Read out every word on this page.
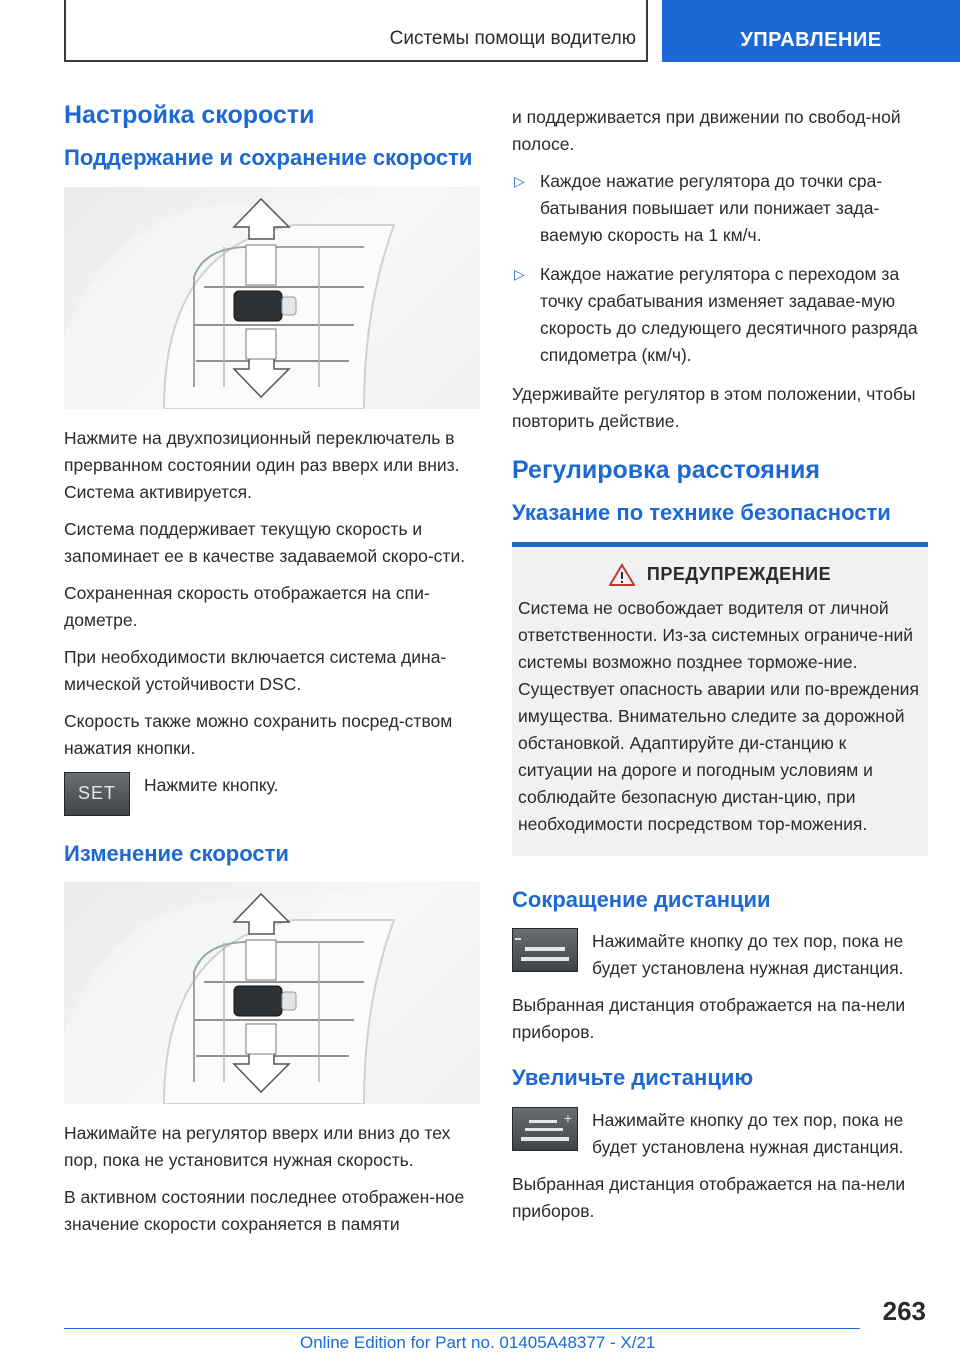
Системы помощи водителю	УПРАВЛЕНИЕ
Настройка скорости
Поддержание и сохранение скорости

Нажмите на двухпозиционный переключатель в прерванном состоянии один раз вверх или вниз. Система активируется.

Система поддерживает текущую скорость и запоминает ее в качестве задаваемой скоро-сти.

Сохраненная скорость отображается на спи-дометре.

При необходимости включается система дина-мической устойчивости DSC.

Скорость также можно сохранить посред-ством нажатия кнопки.

SET	Нажмите кнопку.
Изменение скорости

Нажимайте на регулятор вверх или вниз до тех пор, пока не установится нужная скорость.

В активном состоянии последнее отображен-ное значение скорости сохраняется в памяти

и поддерживается при движении по свобод-ной полосе.

▷ Каждое нажатие регулятора до точки сра-батывания повышает или понижает зада-ваемую скорость на 1 км/ч.
▷ Каждое нажатие регулятора с переходом за точку срабатывания изменяет задавае-мую скорость до следующего десятичного разряда спидометра (км/ч).

Удерживайте регулятор в этом положении, чтобы повторить действие.

Регулировка расстояния
Указание по технике безопасности
ПРЕДУПРЕЖДЕНИЕ

Система не освобождает водителя от личной ответственности. Из-за системных ограниче-ний системы возможно позднее торможе-ние. Существует опасность аварии или по-вреждения имущества. Внимательно следите за дорожной обстановкой. Адаптируйте ди-станцию к ситуации на дороге и погодным условиям и соблюдайте безопасную дистан-цию, при необходимости посредством тор-можения.

Сокращение дистанции
Нажимайте кнопку до тех пор, пока не будет установлена нужная дистанция.

Выбранная дистанция отображается на па-нели приборов.

Увеличьте дистанцию
+ Нажимайте кнопку до тех пор, пока не будет установлена нужная дистанция.

Выбранная дистанция отображается на па-нели приборов.

263
Online Edition for Part no. 01405A48377 - X/21
